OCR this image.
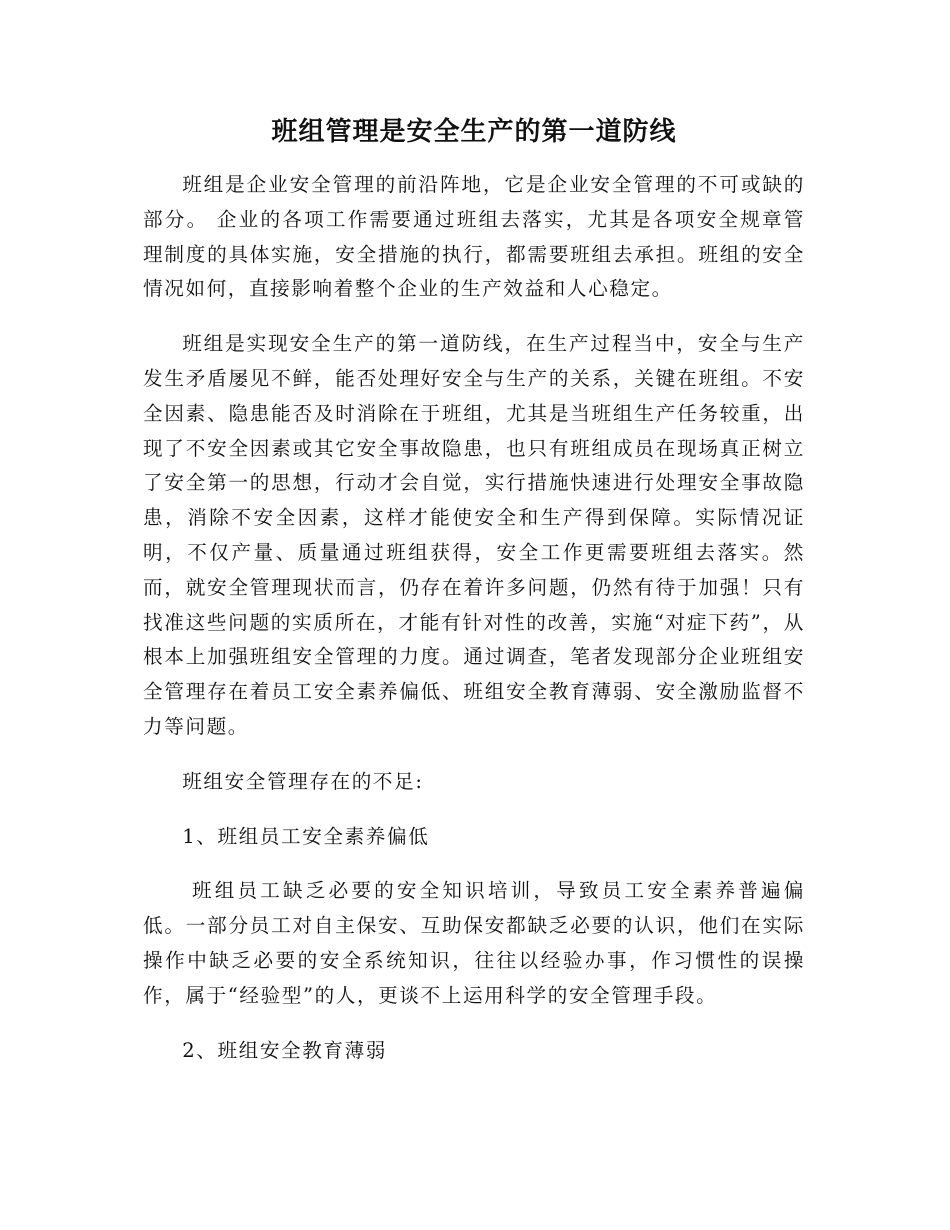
班组管理是安全生产的第一道防线

班组是企业安全管理的前沿阵地，它是企业安全管理的不可或缺的部分。 企业的各项工作需要通过班组去落实，尤其是各项安全规章管理制度的具体实施，安全措施的执行，都需要班组去承担。班组的安全情况如何，直接影响着整个企业的生产效益和人心稳定。

班组是实现安全生产的第一道防线，在生产过程当中，安全与生产发生矛盾屡见不鲜，能否处理好安全与生产的关系，关键在班组。不安全因素、隐患能否及时消除在于班组，尤其是当班组生产任务较重，出现了不安全因素或其它安全事故隐患，也只有班组成员在现场真正树立了安全第一的思想，行动才会自觉，实行措施快速进行处理安全事故隐患，消除不安全因素，这样才能使安全和生产得到保障。实际情况证明，不仅产量、质量通过班组获得，安全工作更需要班组去落实。然而，就安全管理现状而言，仍存在着许多问题，仍然有待于加强！只有找准这些问题的实质所在，才能有针对性的改善，实施“对症下药”，从根本上加强班组安全管理的力度。通过调查，笔者发现部分企业班组安全管理存在着员工安全素养偏低、班组安全教育薄弱、安全激励监督不力等问题。

班组安全管理存在的不足:

1、班组员工安全素养偏低

班组员工缺乏必要的安全知识培训，导致员工安全素养普遍偏低。一部分员工对自主保安、互助保安都缺乏必要的认识，他们在实际操作中缺乏必要的安全系统知识，往往以经验办事，作习惯性的误操作，属于“经验型”的人，更谈不上运用科学的安全管理手段。

2、班组安全教育薄弱
